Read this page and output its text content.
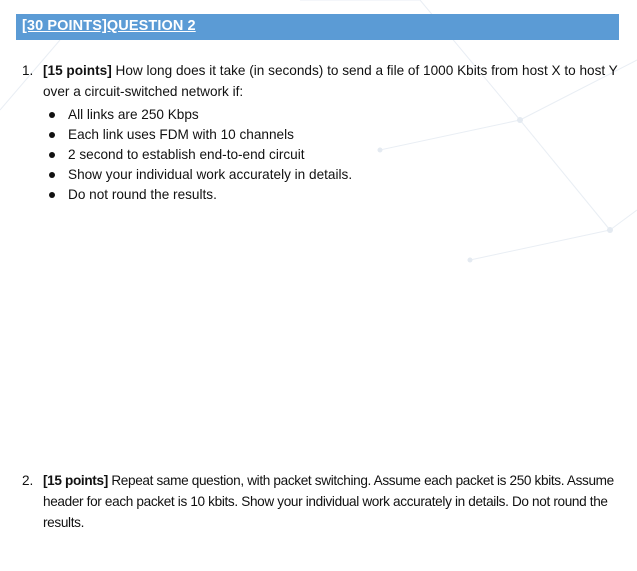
[30 POINTS]QUESTION 2
1. [15 points] How long does it take (in seconds) to send a file of 1000 Kbits from host X to host Y over a circuit-switched network if:
All links are 250 Kbps
Each link uses FDM with 10 channels
2 second to establish end-to-end circuit
Show your individual work accurately in details.
Do not round the results.
2. [15 points] Repeat same question, with packet switching. Assume each packet is 250 kbits. Assume header for each packet is 10 kbits. Show your individual work accurately in details. Do not round the results.
